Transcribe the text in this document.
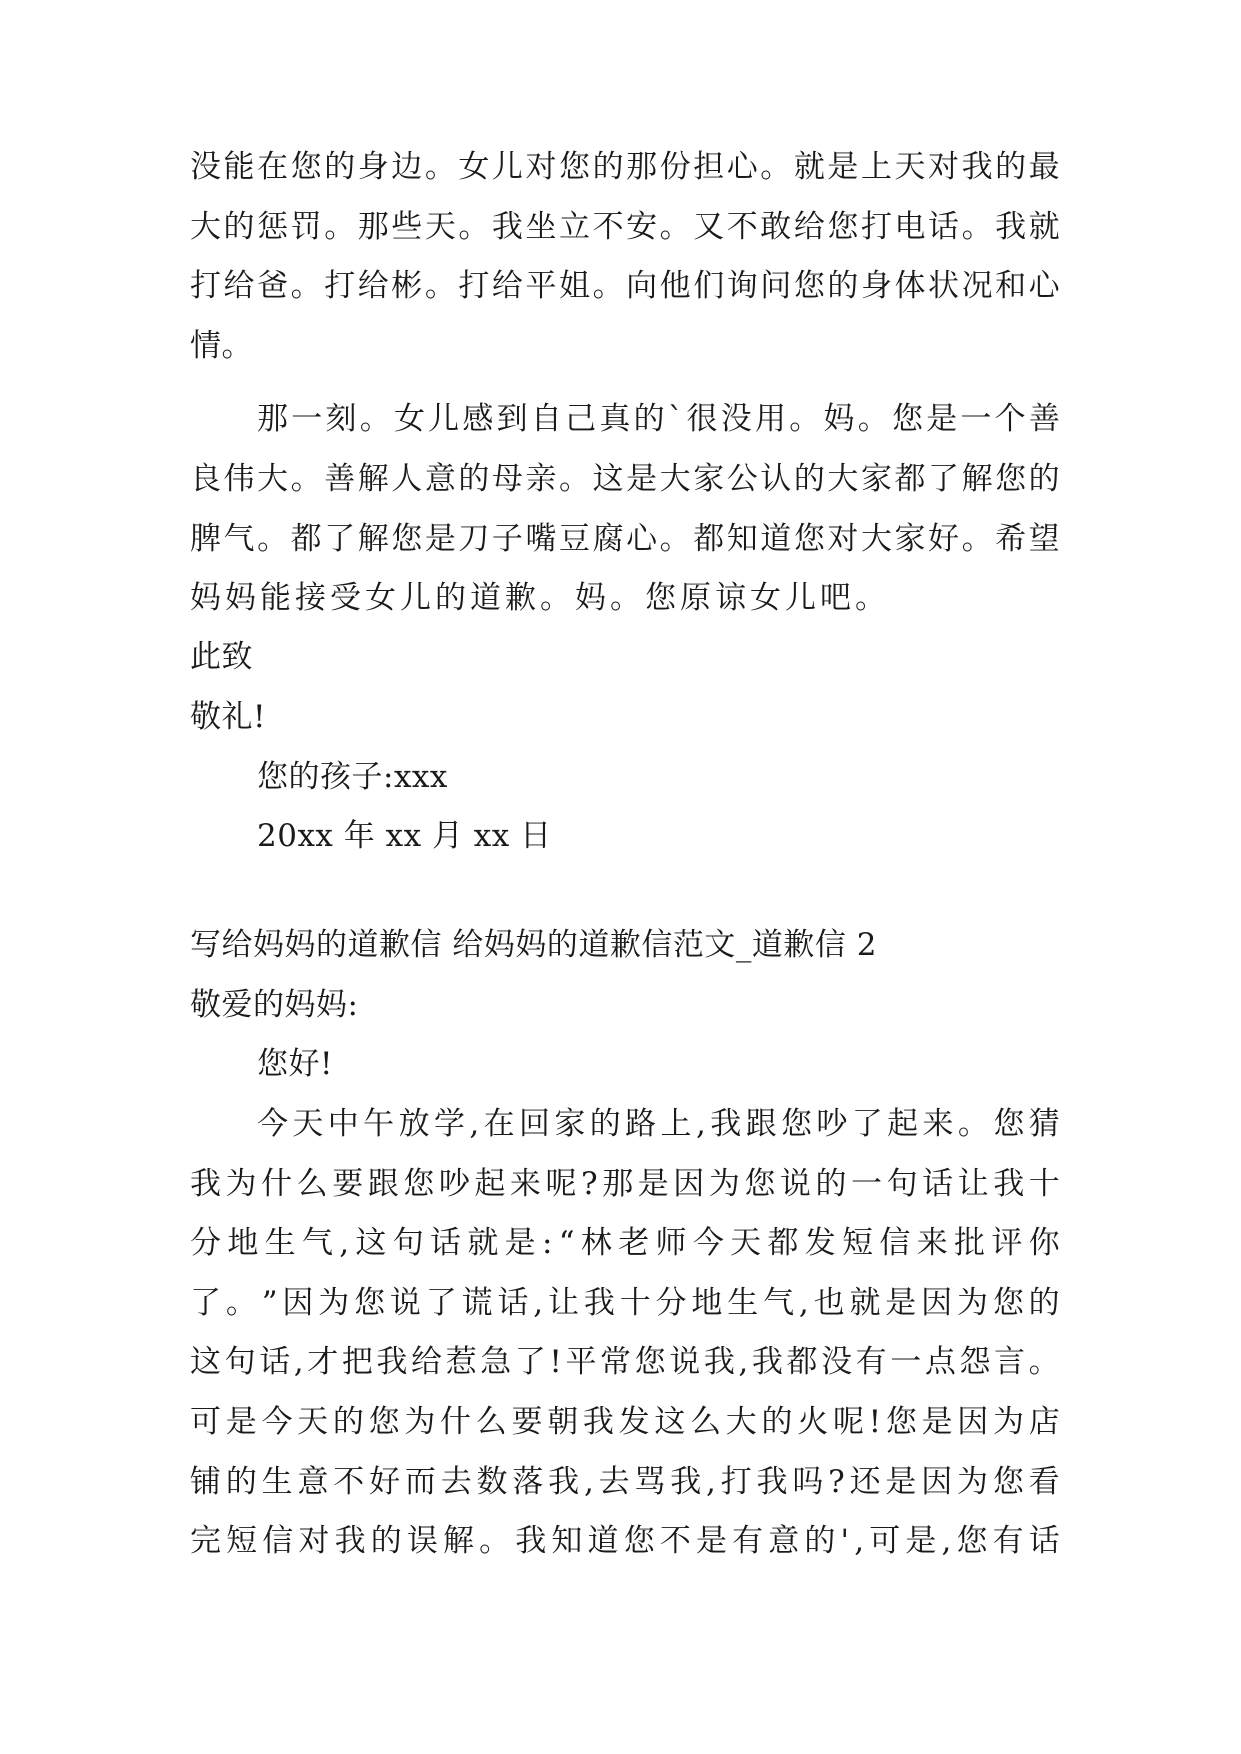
没 能 在 您 的 身 边 。 女 儿 对 您 的 那 份 担 心 。 就 是 上 天 对 我 的 最
大 的 惩 罚 。 那 些 天 。 我 坐 立 不 安 。 又 不 敢 给 您 打 电 话 。 我 就
打 给 爸 。 打 给 彬 。 打 给 平 姐 。 向 他 们 询 问 您 的 身 体 状 况 和 心
情。
那 一 刻 。 女 儿 感 到 自 己 真 的 ` 很 没 用 。 妈 。 您 是 一 个 善
良 伟 大 。 善 解 人 意 的 母 亲 。 这 是 大 家 公 认 的 大 家 都 了 解 您 的
脾 气 。 都 了 解 您 是 刀 子 嘴 豆 腐 心 。 都 知 道 您 对 大 家 好 。 希 望
妈妈能接受女儿的道歉。妈。您原谅女儿吧。
此致
敬礼!
您的孩子:xxx
20xx 年 xx 月 xx 日
写给妈妈的道歉信 给妈妈的道歉信范文_道歉信 2
敬爱的妈妈:
您好!
今 天 中 午 放 学 , 在 回 家 的 路 上 , 我 跟 您 吵 了 起 来 。 您 猜
我 为 什 么 要 跟 您 吵 起 来 呢 ? 那 是 因 为 您 说 的 一 句 话 让 我 十
分 地 生 气 , 这 句 话 就 是 : “ 林 老 师 今 天 都 发 短 信 来 批 评 你
了 。 ” 因 为 您 说 了 谎 话 , 让 我 十 分 地 生 气 , 也 就 是 因 为 您 的
这 句 话 , 才 把 我 给 惹 急 了 ! 平 常 您 说 我 , 我 都 没 有 一 点 怨 言 。
可 是 今 天 的 您 为 什 么 要 朝 我 发 这 么 大 的 火 呢 ! 您 是 因 为 店
铺 的 生 意 不 好 而 去 数 落 我 , 去 骂 我 , 打 我 吗 ? 还 是 因 为 您 看
完 短 信 对 我 的 误 解 。 我 知 道 您 不 是 有 意 的 ' , 可 是 , 您 有 话
